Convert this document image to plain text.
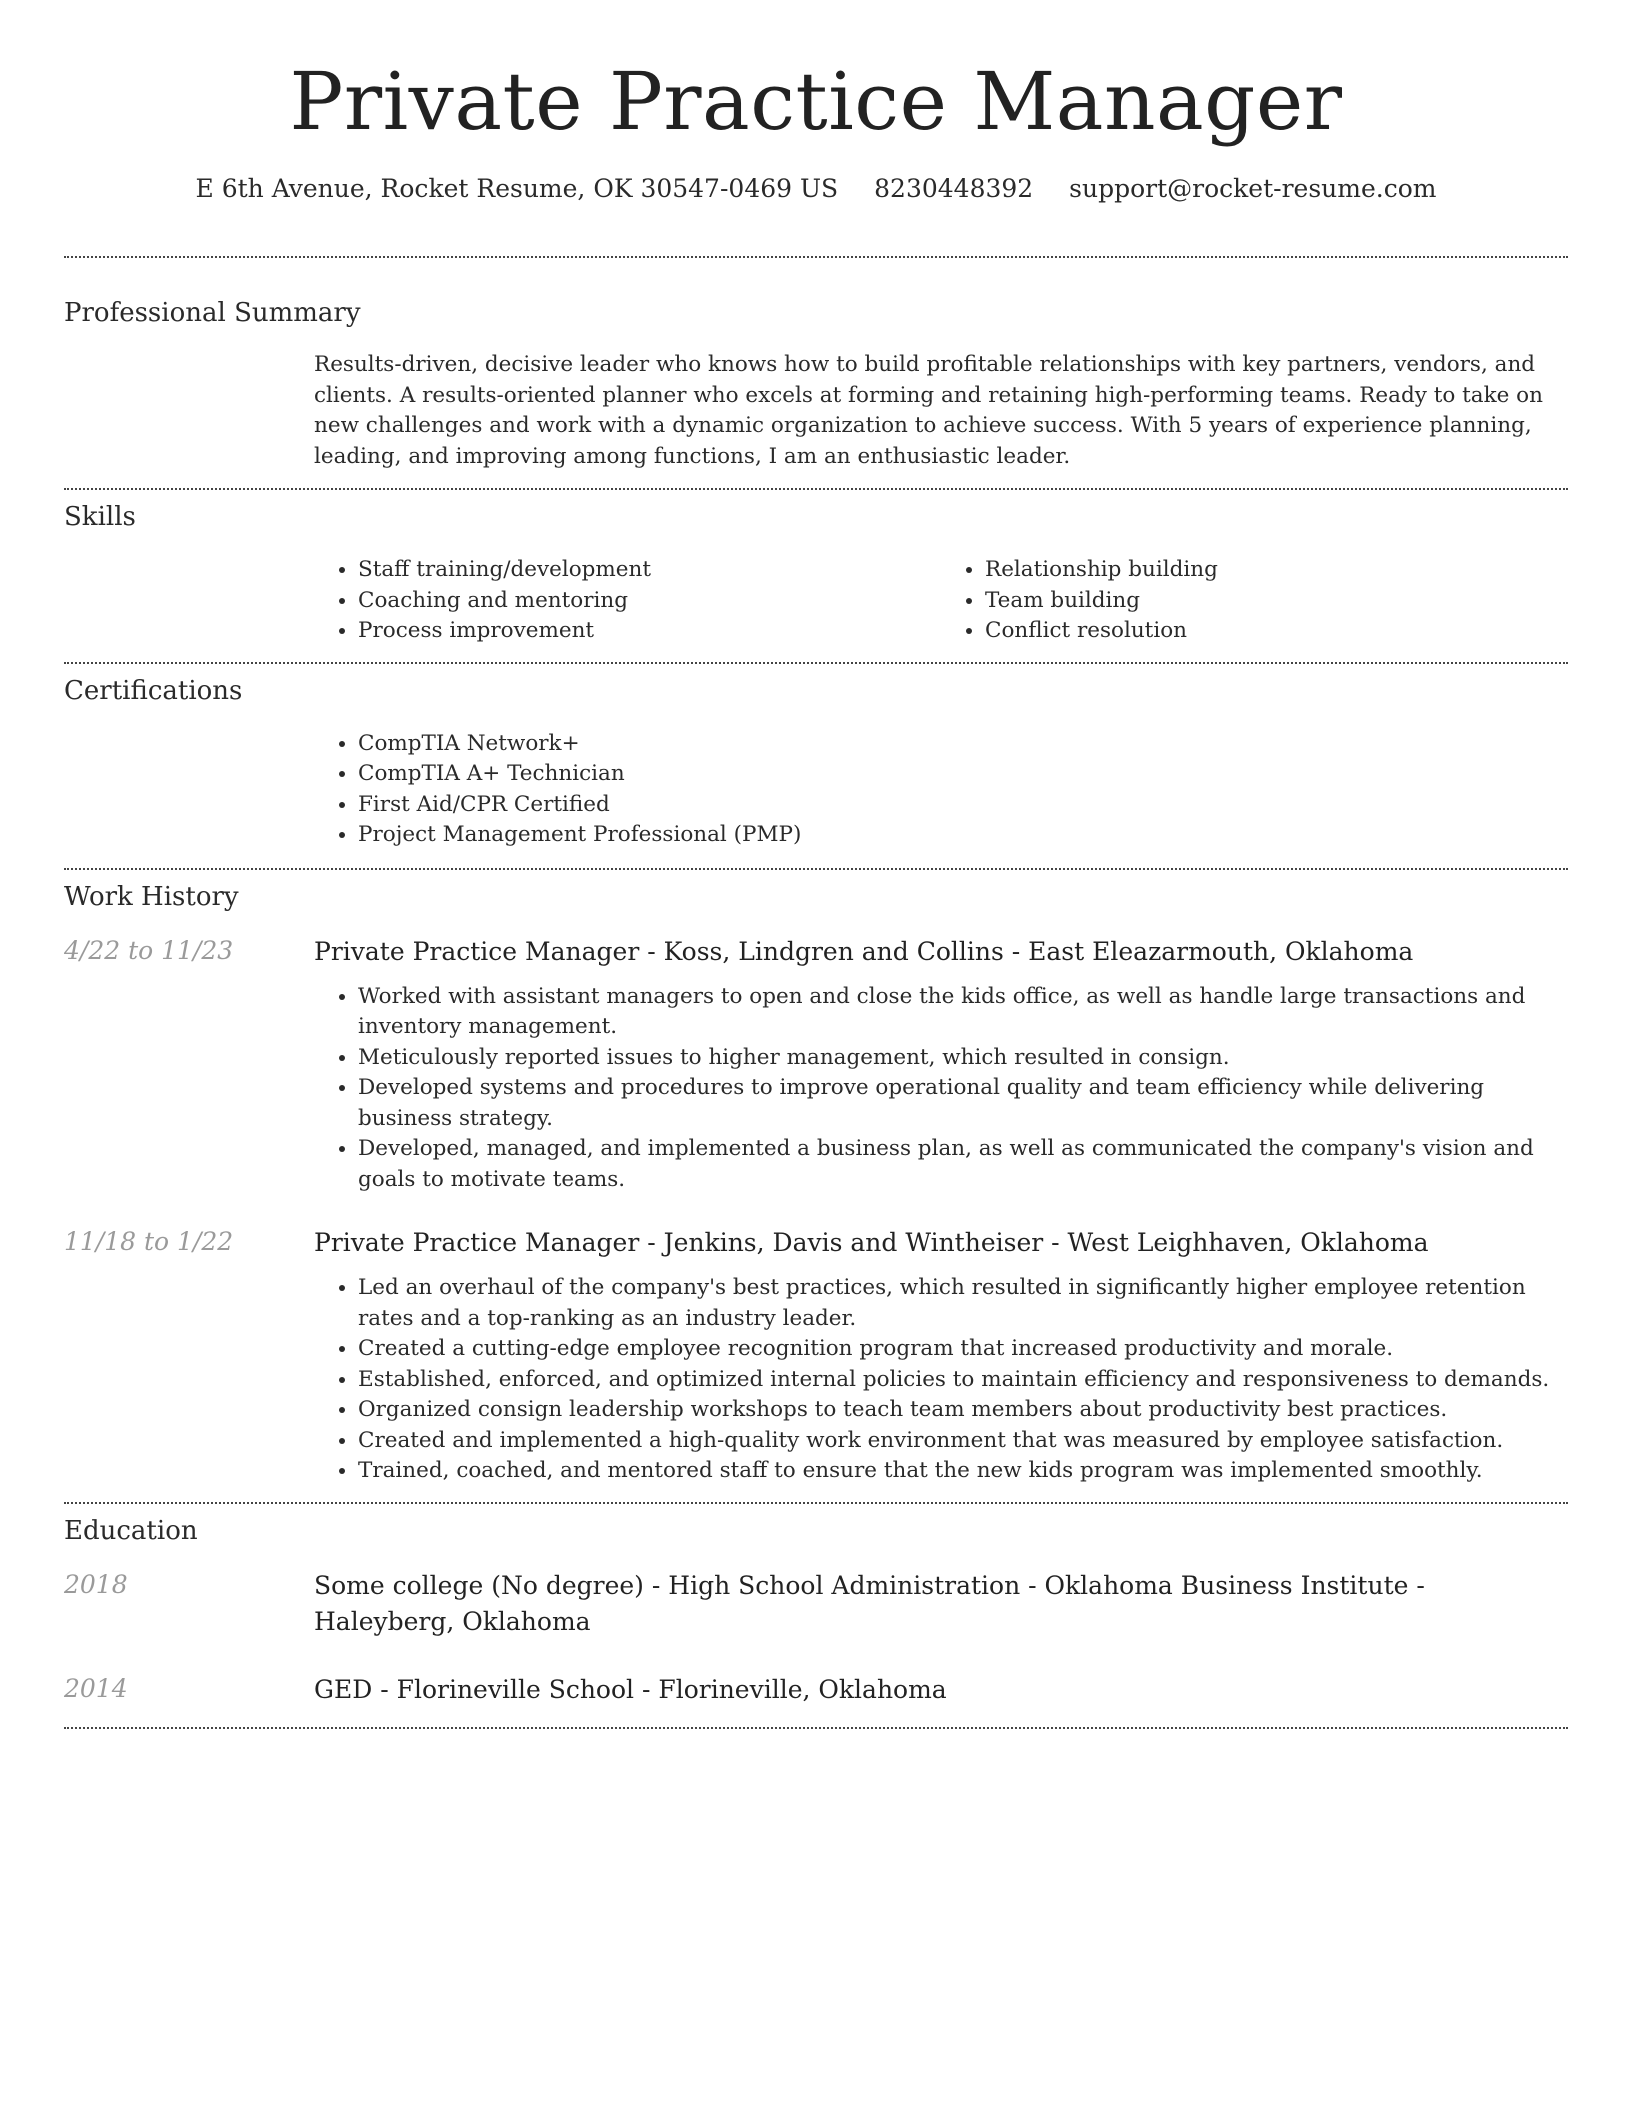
Private Practice Manager
E 6th Avenue, Rocket Resume, OK 30547-0469 US 8230448392 support@rocket-resume.com
Professional Summary

Results-driven, decisive leader who knows how to build profitable relationships with key partners, vendors, and clients. A results-oriented planner who excels at forming and retaining high-performing teams. Ready to take on new challenges and work with a dynamic organization to achieve success. With 5 years of experience planning, leading, and improving among functions, I am an enthusiastic leader.

Skills
• Staff training/development
• Coaching and mentoring
• Process improvement
• Relationship building
• Team building
• Conflict resolution
Certifications
• CompTIA Network+
• CompTIA A+ Technician
• First Aid/CPR Certified
• Project Management Professional (PMP)
Work History
4/22 to 11/23	Private Practice Manager - Koss, Lindgren and Collins - East Eleazarmouth, Oklahoma
• Worked with assistant managers to open and close the kids office, as well as handle large transactions and inventory management.
• Meticulously reported issues to higher management, which resulted in consign.
• Developed systems and procedures to improve operational quality and team efficiency while delivering business strategy.
• Developed, managed, and implemented a business plan, as well as communicated the company's vision and goals to motivate teams.
11/18 to 1/22	Private Practice Manager - Jenkins, Davis and Wintheiser - West Leighhaven, Oklahoma
• Led an overhaul of the company's best practices, which resulted in significantly higher employee retention rates and a top-ranking as an industry leader.
• Created a cutting-edge employee recognition program that increased productivity and morale.
• Established, enforced, and optimized internal policies to maintain efficiency and responsiveness to demands.
• Organized consign leadership workshops to teach team members about productivity best practices.
• Created and implemented a high-quality work environment that was measured by employee satisfaction.
• Trained, coached, and mentored staff to ensure that the new kids program was implemented smoothly.
Education
2018	Some college (No degree) - High School Administration - Oklahoma Business Institute - Haleyberg, Oklahoma
2014	GED - Florineville School - Florineville, Oklahoma
